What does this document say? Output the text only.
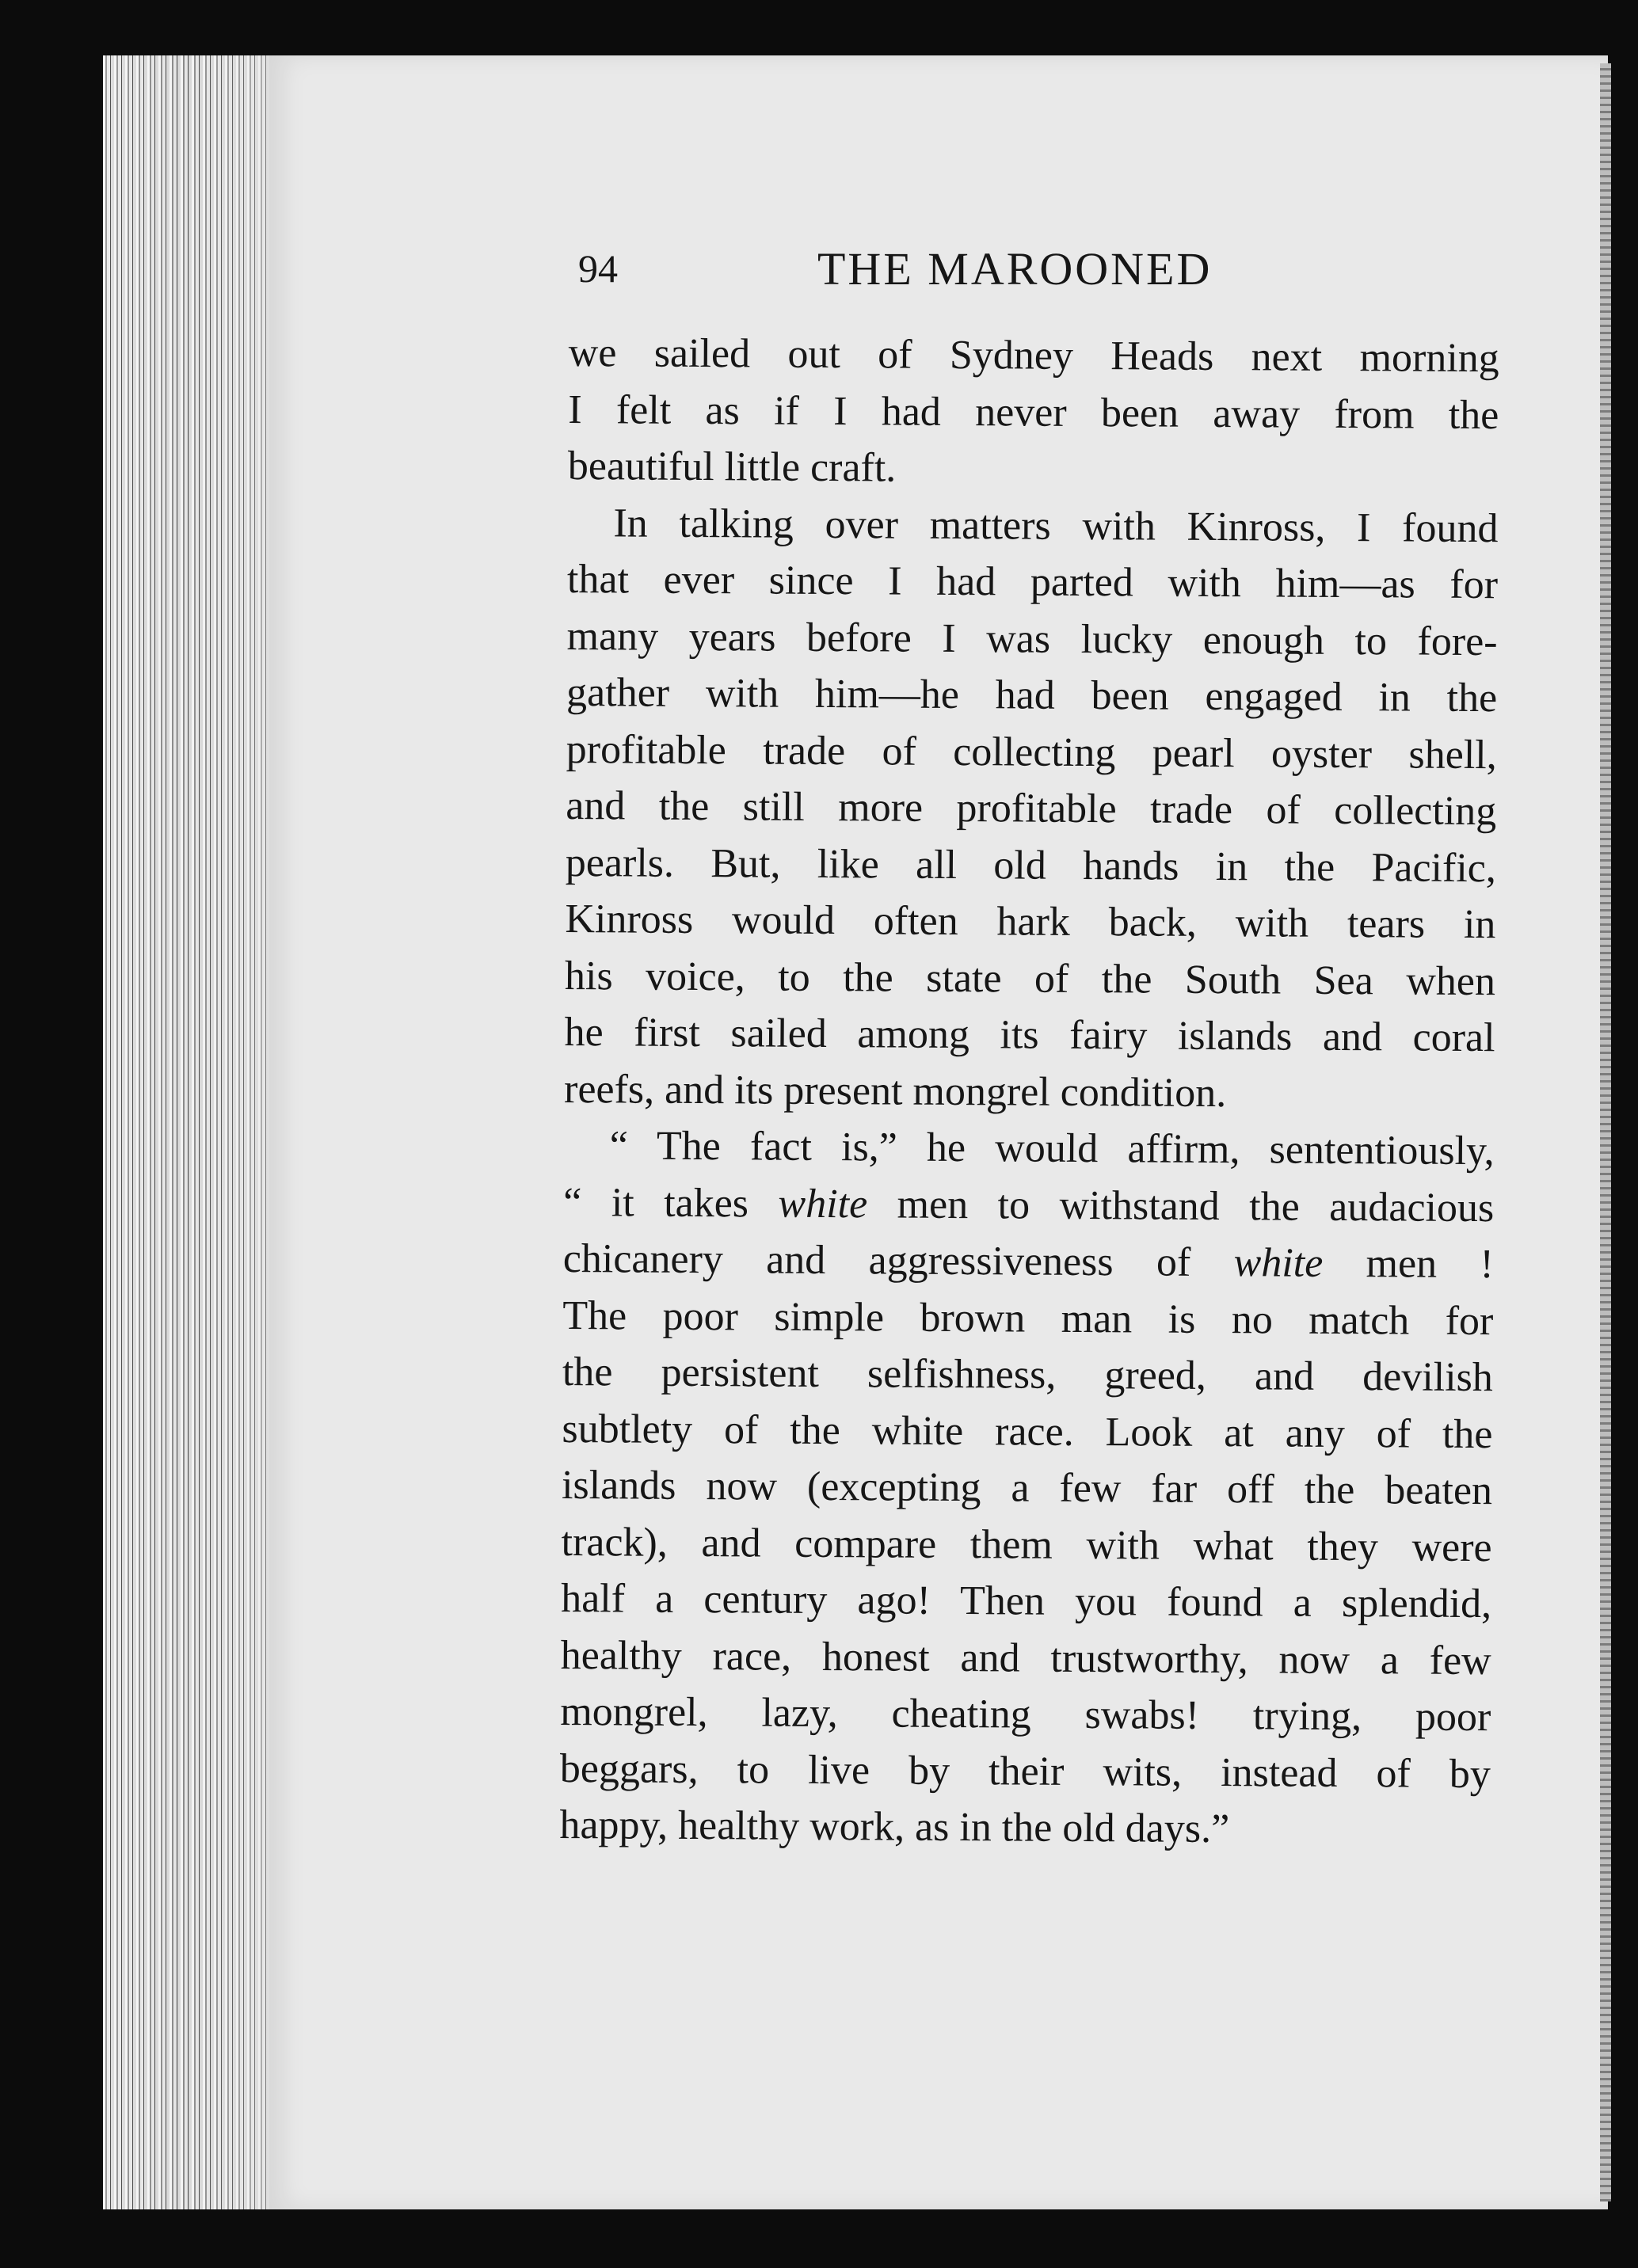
94	THE MAROONED
we sailed out of Sydney Heads next morning
I felt as if I had never been away from the
beautiful little craft.
In talking over matters with Kinross, I found
that ever since I had parted with him—as for
many years before I was lucky enough to fore-
gather with him—he had been engaged in the
profitable trade of collecting pearl oyster shell,
and the still more profitable trade of collecting
pearls. But, like all old hands in the Pacific,
Kinross would often hark back, with tears in
his voice, to the state of the South Sea when
he first sailed among its fairy islands and coral
reefs, and its present mongrel condition.
“ The fact is,” he would affirm, sententiously,
“ it takes white men to withstand the audacious
chicanery and aggressiveness of white men !
The poor simple brown man is no match for
the persistent selfishness, greed, and devilish
subtlety of the white race. Look at any of the
islands now (excepting a few far off the beaten
track), and compare them with what they were
half a century ago! Then you found a splendid,
healthy race, honest and trustworthy, now a few
mongrel, lazy, cheating swabs! trying, poor
beggars, to live by their wits, instead of by
happy, healthy work, as in the old days.”
